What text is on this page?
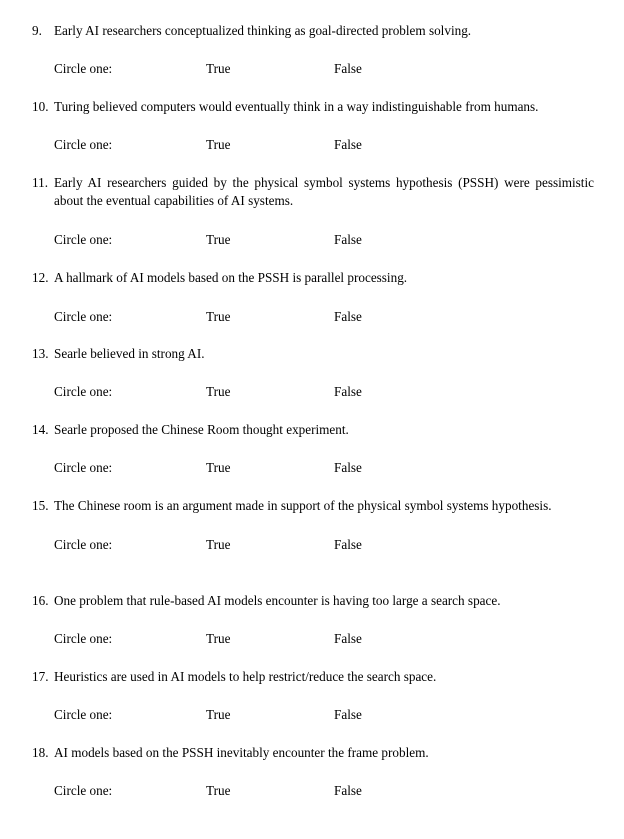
9. Early AI researchers conceptualized thinking as goal-directed problem solving.
Circle one:	True	False
10. Turing believed computers would eventually think in a way indistinguishable from humans.
Circle one:	True	False
11. Early AI researchers guided by the physical symbol systems hypothesis (PSSH) were pessimistic about the eventual capabilities of AI systems.
Circle one:	True	False
12. A hallmark of AI models based on the PSSH is parallel processing.
Circle one:	True	False
13. Searle believed in strong AI.
Circle one:	True	False
14. Searle proposed the Chinese Room thought experiment.
Circle one:	True	False
15. The Chinese room is an argument made in support of the physical symbol systems hypothesis.
Circle one:	True	False
16. One problem that rule-based AI models encounter is having too large a search space.
Circle one:	True	False
17. Heuristics are used in AI models to help restrict/reduce the search space.
Circle one:	True	False
18. AI models based on the PSSH inevitably encounter the frame problem.
Circle one:	True	False
